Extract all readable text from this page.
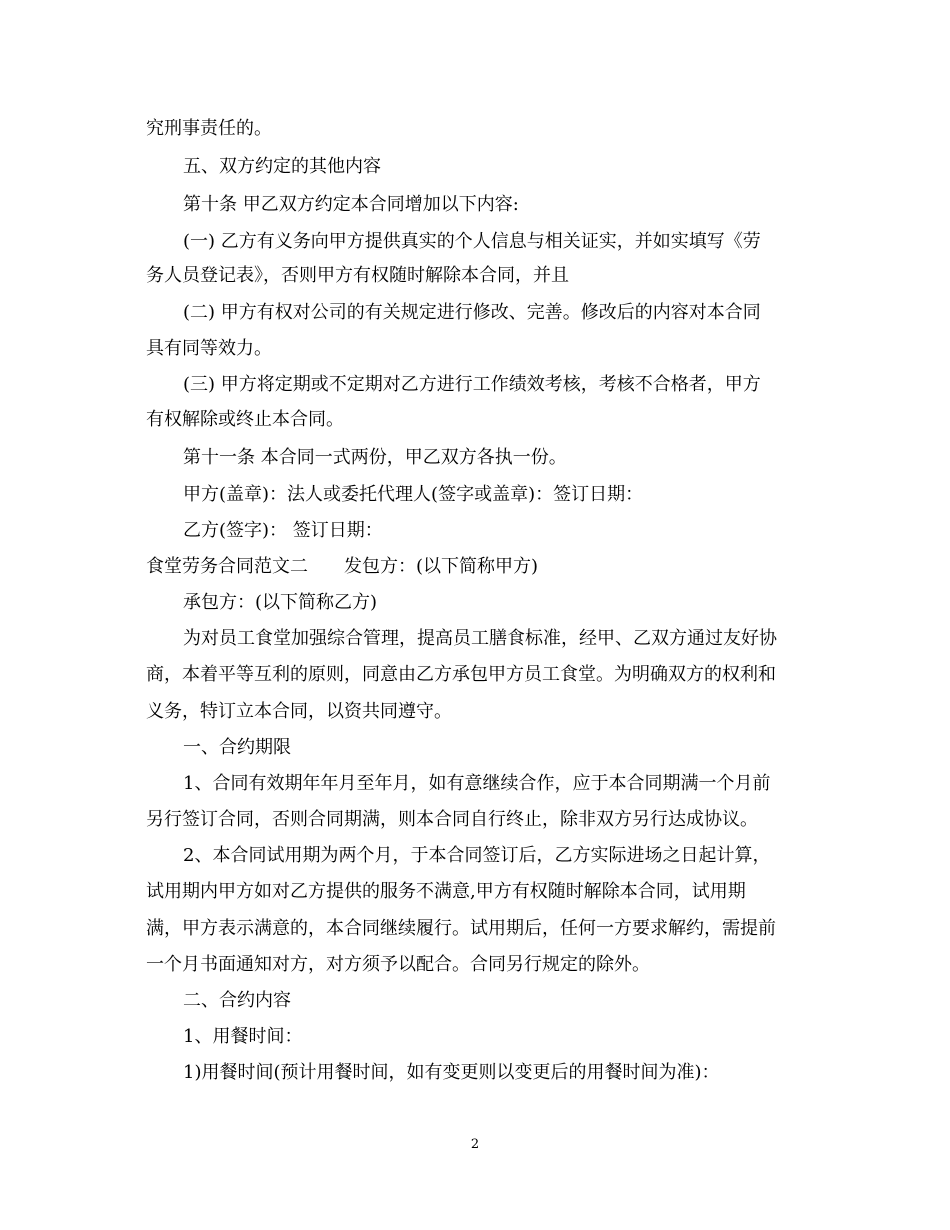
究刑事责任的。
五、双方约定的其他内容
第十条 甲乙双方约定本合同增加以下内容:
(一) 乙方有义务向甲方提供真实的个人信息与相关证实，并如实填写《劳
务人员登记表》，否则甲方有权随时解除本合同，并且
(二) 甲方有权对公司的有关规定进行修改、完善。修改后的内容对本合同
具有同等效力。
(三) 甲方将定期或不定期对乙方进行工作绩效考核，考核不合格者，甲方
有权解除或终止本合同。
第十一条 本合同一式两份，甲乙双方各执一份。
甲方(盖章)：法人或委托代理人(签字或盖章)：签订日期：
乙方(签字)： 签订日期：
食堂劳务合同范文二　　发包方：(以下简称甲方)
承包方：(以下简称乙方)
为对员工食堂加强综合管理，提高员工膳食标准，经甲、乙双方通过友好协
商，本着平等互利的原则，同意由乙方承包甲方员工食堂。为明确双方的权利和
义务，特订立本合同，以资共同遵守。
一、合约期限
1、合同有效期年年月至年月，如有意继续合作，应于本合同期满一个月前
另行签订合同，否则合同期满，则本合同自行终止，除非双方另行达成协议。
2、本合同试用期为两个月，于本合同签订后，乙方实际进场之日起计算，
试用期内甲方如对乙方提供的服务不满意,甲方有权随时解除本合同，试用期
满，甲方表示满意的，本合同继续履行。试用期后，任何一方要求解约，需提前
一个月书面通知对方，对方须予以配合。合同另行规定的除外。
二、合约内容
1、用餐时间：
1)用餐时间(预计用餐时间，如有变更则以变更后的用餐时间为准)：
2
